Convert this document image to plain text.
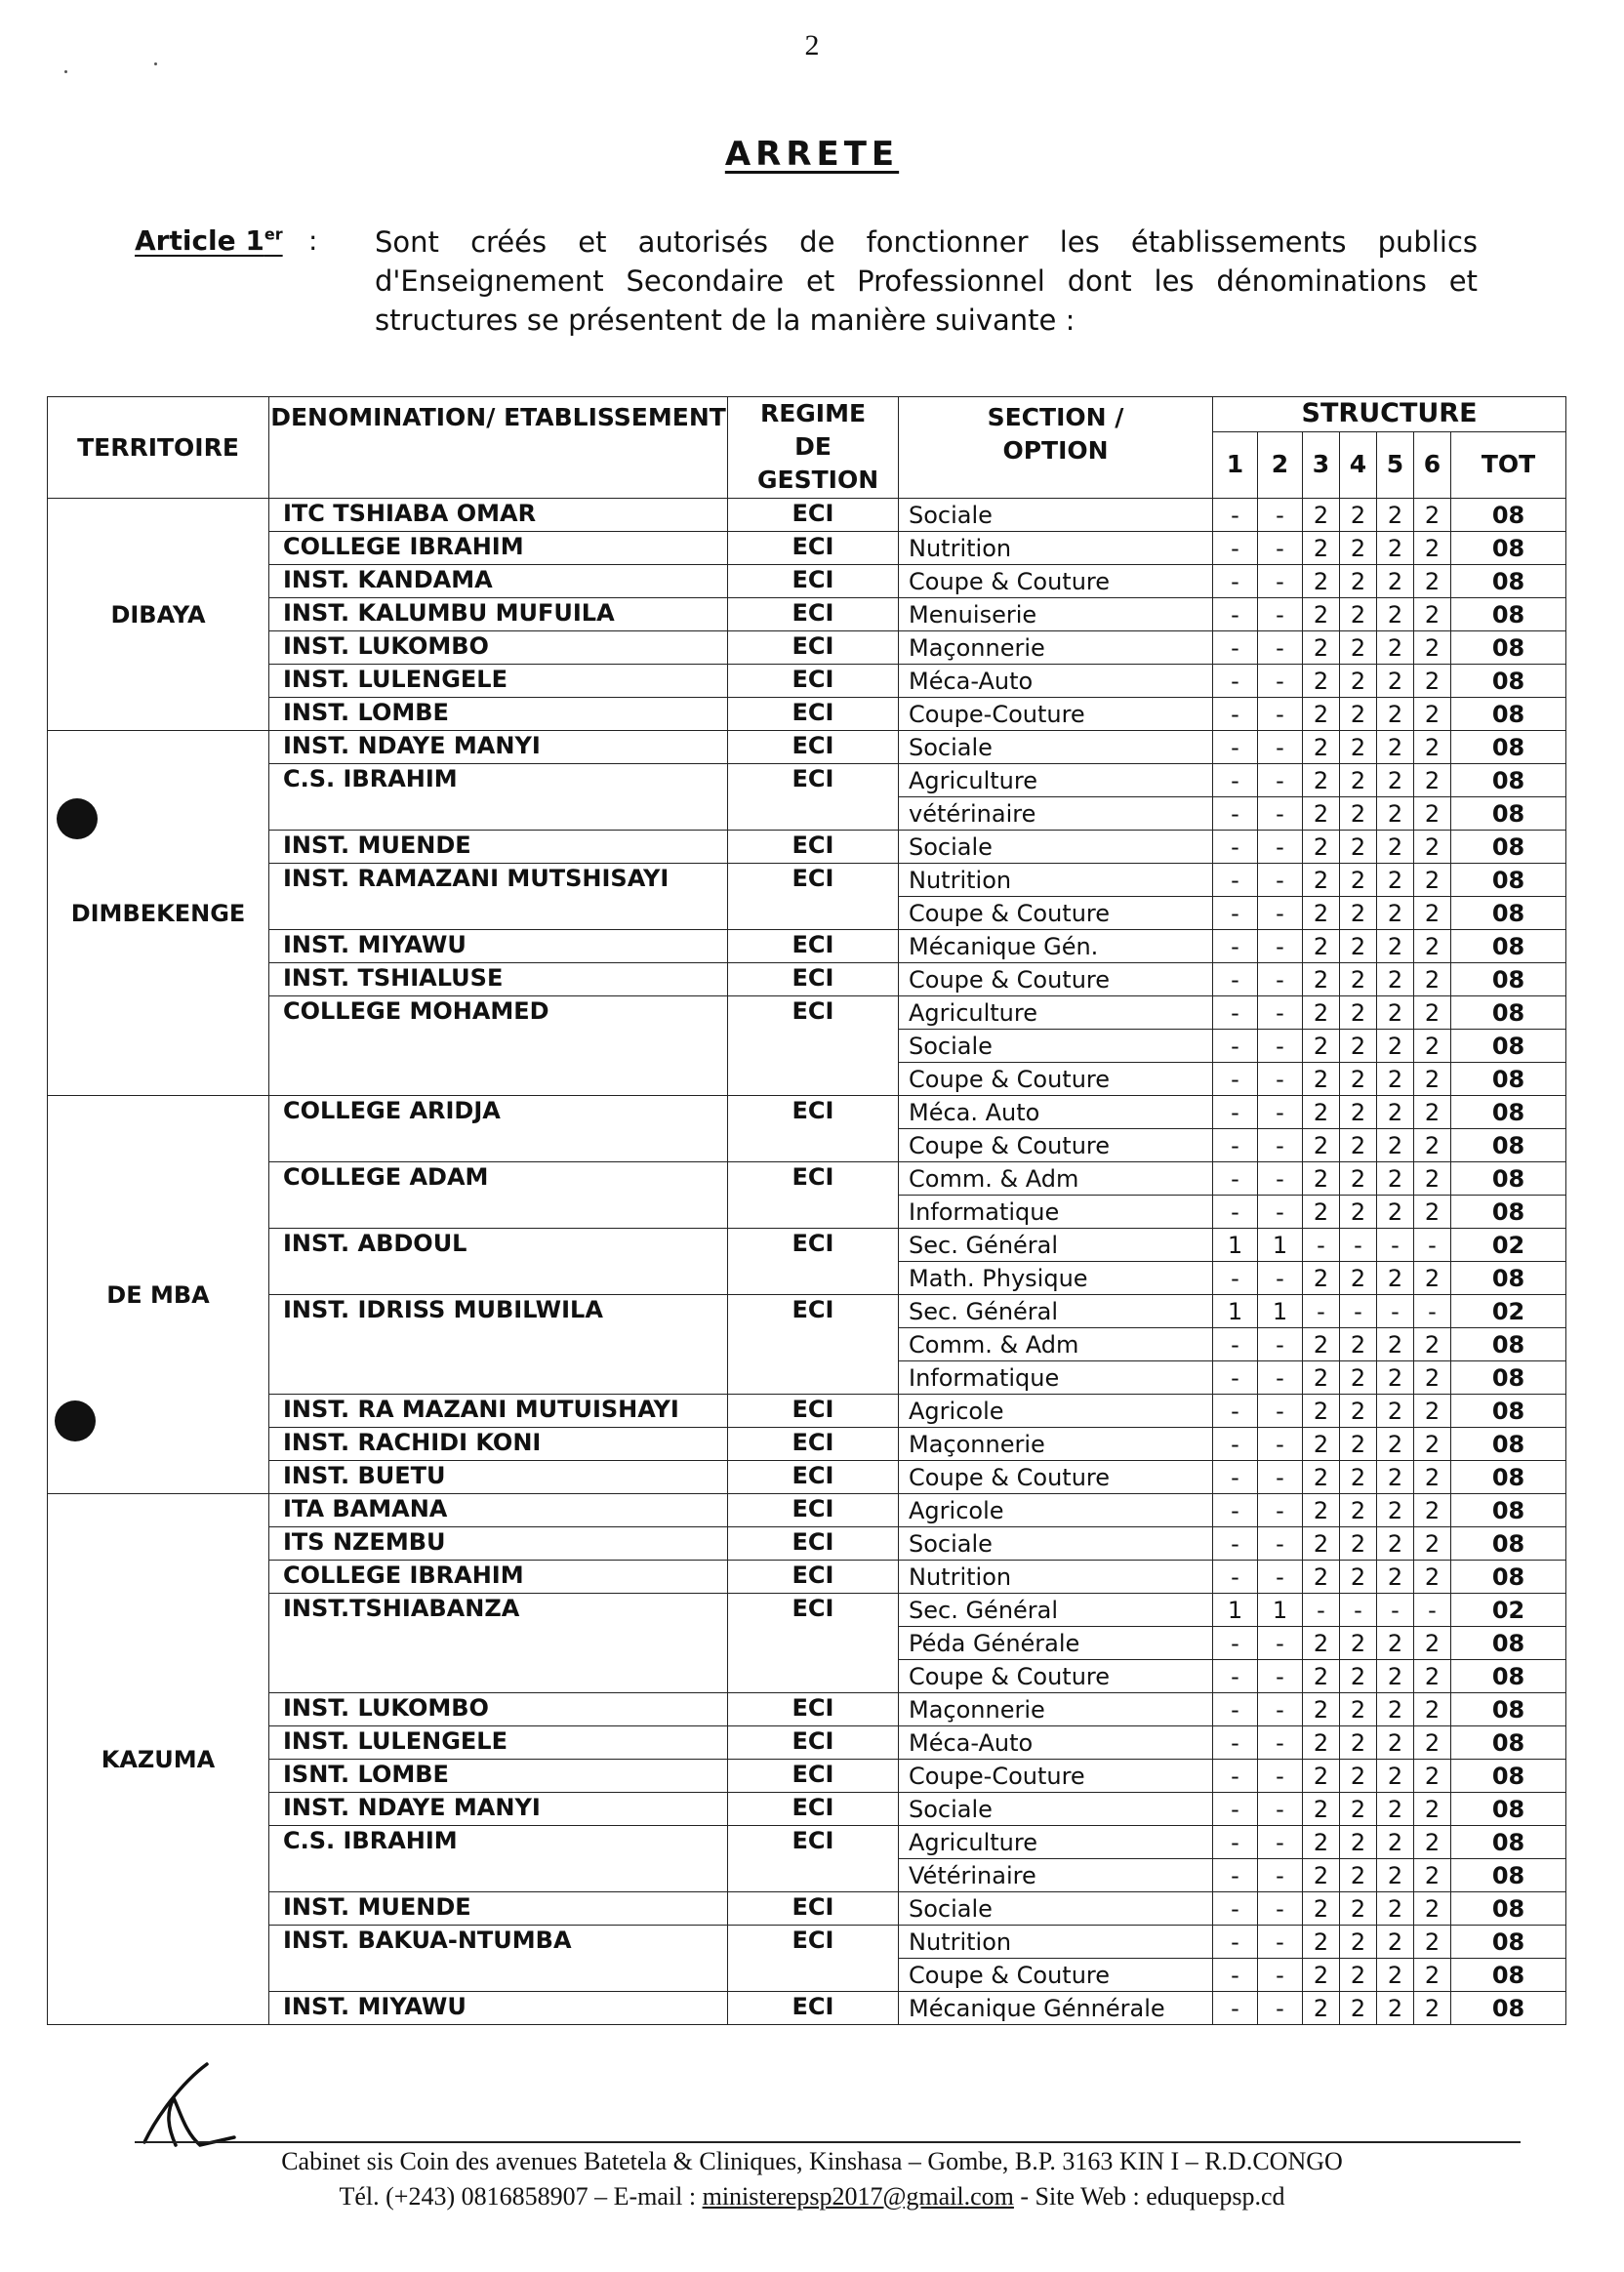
2
ARRETE
Article 1er : Sont créés et autorisés de fonctionner les établissements publics d'Enseignement Secondaire et Professionnel dont les dénominations et structures se présentent de la manière suivante :
TERRITOIRE	DENOMINATION/ ETABLISSEMENT	REGIME DE GESTION	SECTION / OPTION	STRUCTURE						
				1	2	3	4	5	6	TOT
DIBAYA	ITC TSHIABA OMAR	ECI	Sociale	-	-	2	2	2	2	08
	COLLEGE IBRAHIM	ECI	Nutrition	-	-	2	2	2	2	08
	INST. KANDAMA	ECI	Coupe & Couture	-	-	2	2	2	2	08
	INST. KALUMBU MUFUILA	ECI	Menuiserie	-	-	2	2	2	2	08
	INST. LUKOMBO	ECI	Maçonnerie	-	-	2	2	2	2	08
	INST. LULENGELE	ECI	Méca-Auto	-	-	2	2	2	2	08
	INST. LOMBE	ECI	Coupe-Couture	-	-	2	2	2	2	08
DIMBEKENGE	INST. NDAYE MANYI	ECI	Sociale	-	-	2	2	2	2	08
	C.S. IBRAHIM	ECI	Agriculture	-	-	2	2	2	2	08
			vétérinaire	-	-	2	2	2	2	08
	INST. MUENDE	ECI	Sociale	-	-	2	2	2	2	08
	INST. RAMAZANI MUTSHISAYI	ECI	Nutrition	-	-	2	2	2	2	08
			Coupe & Couture	-	-	2	2	2	2	08
	INST. MIYAWU	ECI	Mécanique Gén.	-	-	2	2	2	2	08
	INST. TSHIALUSE	ECI	Coupe & Couture	-	-	2	2	2	2	08
	COLLEGE MOHAMED	ECI	Agriculture	-	-	2	2	2	2	08
			Sociale	-	-	2	2	2	2	08
			Coupe & Couture	-	-	2	2	2	2	08
DE MBA	COLLEGE ARIDJA	ECI	Méca. Auto	-	-	2	2	2	2	08
			Coupe & Couture	-	-	2	2	2	2	08
	COLLEGE ADAM	ECI	Comm. & Adm	-	-	2	2	2	2	08
			Informatique	-	-	2	2	2	2	08
	INST. ABDOUL	ECI	Sec. Général	1	1	-	-	-	-	02
			Math. Physique	-	-	2	2	2	2	08
	INST. IDRISS MUBILWILA	ECI	Sec. Général	1	1	-	-	-	-	02
			Comm. & Adm	-	-	2	2	2	2	08
			Informatique	-	-	2	2	2	2	08
	INST. RA MAZANI MUTUISHAYI	ECI	Agricole	-	-	2	2	2	2	08
	INST. RACHIDI KONI	ECI	Maçonnerie	-	-	2	2	2	2	08
	INST. BUETU	ECI	Coupe & Couture	-	-	2	2	2	2	08
KAZUMA	ITA BAMANA	ECI	Agricole	-	-	2	2	2	2	08
	ITS NZEMBU	ECI	Sociale	-	-	2	2	2	2	08
	COLLEGE IBRAHIM	ECI	Nutrition	-	-	2	2	2	2	08
	INST.TSHIABANZA	ECI	Sec. Général	1	1	-	-	-	-	02
			Péda Générale	-	-	2	2	2	2	08
			Coupe & Couture	-	-	2	2	2	2	08
	INST. LUKOMBO	ECI	Maçonnerie	-	-	2	2	2	2	08
	INST. LULENGELE	ECI	Méca-Auto	-	-	2	2	2	2	08
	ISNT. LOMBE	ECI	Coupe-Couture	-	-	2	2	2	2	08
	INST. NDAYE MANYI	ECI	Sociale	-	-	2	2	2	2	08
	C.S. IBRAHIM	ECI	Agriculture	-	-	2	2	2	2	08
			Vétérinaire	-	-	2	2	2	2	08
	INST. MUENDE	ECI	Sociale	-	-	2	2	2	2	08
	INST. BAKUA-NTUMBA	ECI	Nutrition	-	-	2	2	2	2	08
			Coupe & Couture	-	-	2	2	2	2	08
	INST. MIYAWU	ECI	Mécanique Génnérale	-	-	2	2	2	2	08
Cabinet sis Coin des avenues Batetela & Cliniques, Kinshasa – Gombe, B.P. 3163 KIN I – R.D.CONGO
Tél. (+243) 0816858907 – E-mail : ministerepsp2017@gmail.com - Site Web : eduquepsp.cd
